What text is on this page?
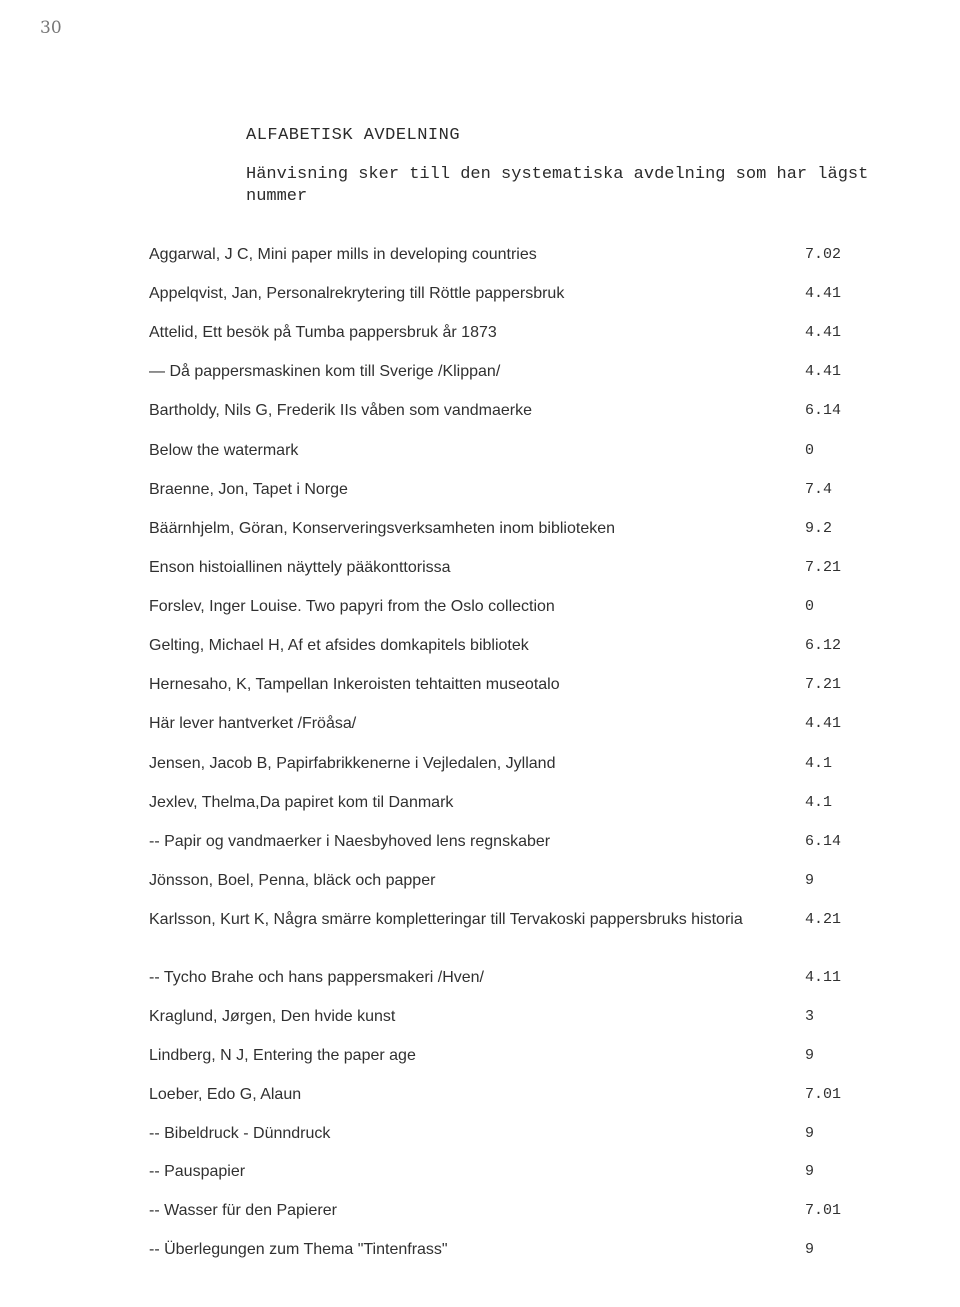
30
ALFABETISK AVDELNING

Hänvisning sker till den systematiska avdelning som har lägst nummer

Aggarwal, J C, Mini paper mills in developing countries	7.02
Appelqvist, Jan, Personalrekrytering till Röttle pappersbruk	4.41
Attelid, Ett besök på Tumba pappersbruk år 1873	4.41
— Då pappersmaskinen kom till Sverige /Klippan/	4.41
Bartholdy, Nils G, Frederik IIs våben som vandmaerke	6.14
Below the watermark	0
Braenne, Jon, Tapet i Norge	7.4
Bäärnhjelm, Göran, Konserveringsverksamheten inom biblioteken	9.2
Enson histoiallinen näyttely pääkonttorissa	7.21
Forslev, Inger Louise. Two papyri from the Oslo collection	0
Gelting, Michael H, Af et afsides domkapitels bibliotek	6.12
Hernesaho, K, Tampellan Inkeroisten tehtaitten museotalo	7.21
Här lever hantverket /Fröåsa/	4.41
Jensen, Jacob B, Papirfabrikkenerne i Vejledalen, Jylland	4.1
Jexlev, Thelma,Da papiret kom til Danmark	4.1
-- Papir og vandmaerker i Naesbyhoved lens regnskaber	6.14
Jönsson, Boel, Penna, bläck och papper	9
Karlsson, Kurt K, Några smärre kompletteringar till Tervakoski pappersbruks historia	4.21
-- Tycho Brahe och hans pappersmakeri /Hven/	4.11
Kraglund, Jørgen, Den hvide kunst	3
Lindberg, N J, Entering the paper age	9
Loeber, Edo G, Alaun	7.01
-- Bibeldruck - Dünndruck	9
-- Pauspapier	9
-- Wasser für den Papierer	7.01
-- Überlegungen zum Thema "Tintenfrass"	9
